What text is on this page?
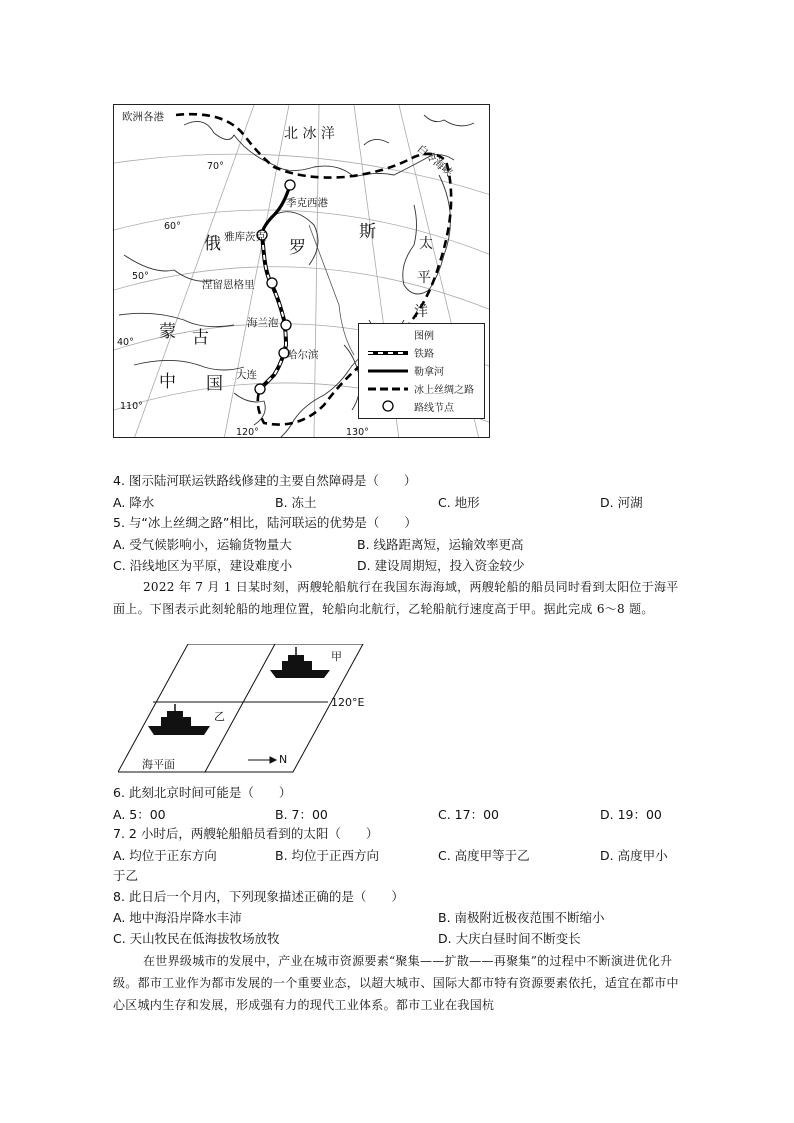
欧洲各港
北 冰 洋
白令海峡
太
平
洋
俄	罗
斯
蒙 古
中 国
季克西港
雅库茨克
涅留恩格里
海兰泡
哈尔滨
大连
70°
60°
50°
40°
110°
120°	130°
图例
铁路
勒拿河
冰上丝绸之路
路线节点
4. 图示陆河联运铁路线修建的主要自然障碍是（　　）
A. 降水	B. 冻土	C. 地形	D. 河湖
5. 与“冰上丝绸之路”相比，陆河联运的优势是（　　）
A. 受气候影响小，运输货物量大	B. 线路距离短，运输效率更高
C. 沿线地区为平原，建设难度小	D. 建设周期短，投入资金较少
2022 年 7 月 1 日某时刻，两艘轮船航行在我国东海海域，两艘轮船的船员同时看到太阳位于海平面上。下图表示此刻轮船的地理位置，轮船向北航行，乙轮船航行速度高于甲。据此完成 6～8 题。
甲
乙
120°E
海平面	N
6. 此刻北京时间可能是（　　）
A. 5：00	B. 7：00	C. 17：00	D. 19：00
7. 2 小时后，两艘轮船船员看到的太阳（　　）
A. 均位于正东方向	B. 均位于正西方向	C. 高度甲等于乙	D. 高度甲小
于乙
8. 此日后一个月内，下列现象描述正确的是（　　）
A. 地中海沿岸降水丰沛	B. 南极附近极夜范围不断缩小
C. 天山牧民在低海拔牧场放牧	D. 大庆白昼时间不断变长
在世界级城市的发展中，产业在城市资源要素“聚集——扩散——再聚集”的过程中不断演进优化升级。都市工业作为都市发展的一个重要业态，以超大城市、国际大都市特有资源要素依托，适宜在都市中心区城内生存和发展，形成强有力的现代工业体系。都市工业在我国杭
